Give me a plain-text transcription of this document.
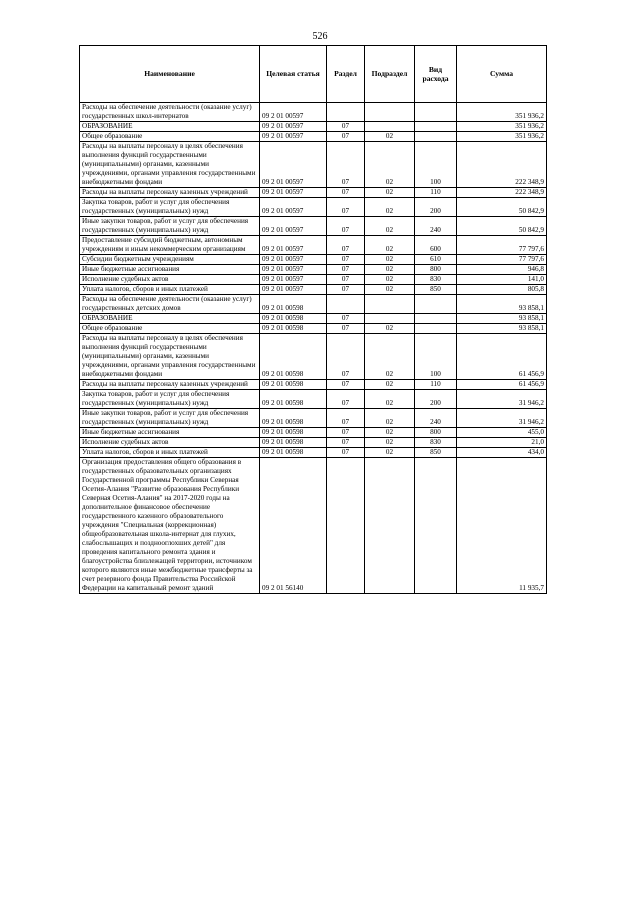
526
Наименование	Целевая статья	Раздел	Подраздел	Вид расхода	Сумма
Расходы на обеспечение деятельности (оказание услуг) государственных школ-интернатов	09 2 01 00597				351 936,2
ОБРАЗОВАНИЕ	09 2 01 00597	07			351 936,2
Общее образование	09 2 01 00597	07	02		351 936,2
Расходы на выплаты персоналу в целях обеспечения выполнения функций государственными (муниципальными) органами, казенными учреждениями, органами управления государственными внебюджетными фондами	09 2 01 00597	07	02	100	222 348,9
Расходы на выплаты персоналу казенных учреждений	09 2 01 00597	07	02	110	222 348,9
Закупка товаров, работ и услуг для обеспечения государственных (муниципальных) нужд	09 2 01 00597	07	02	200	50 842,9
Иные закупки товаров, работ и услуг для обеспечения государственных (муниципальных) нужд	09 2 01 00597	07	02	240	50 842,9
Предоставление субсидий бюджетным, автономным учреждениям и иным некоммерческим организациям	09 2 01 00597	07	02	600	77 797,6
Субсидии бюджетным учреждениям	09 2 01 00597	07	02	610	77 797,6
Иные бюджетные ассигнования	09 2 01 00597	07	02	800	946,8
Исполнение судебных актов	09 2 01 00597	07	02	830	141,0
Уплата налогов, сборов и иных платежей	09 2 01 00597	07	02	850	805,8
Расходы на обеспечение деятельности (оказание услуг) государственных детских домов	09 2 01 00598				93 858,1
ОБРАЗОВАНИЕ	09 2 01 00598	07			93 858,1
Общее образование	09 2 01 00598	07	02		93 858,1
Расходы на выплаты персоналу в целях обеспечения выполнения функций государственными (муниципальными) органами, казенными учреждениями, органами управления государственными внебюджетными фондами	09 2 01 00598	07	02	100	61 456,9
Расходы на выплаты персоналу казенных учреждений	09 2 01 00598	07	02	110	61 456,9
Закупка товаров, работ и услуг для обеспечения государственных (муниципальных) нужд	09 2 01 00598	07	02	200	31 946,2
Иные закупки товаров, работ и услуг для обеспечения государственных (муниципальных) нужд	09 2 01 00598	07	02	240	31 946,2
Иные бюджетные ассигнования	09 2 01 00598	07	02	800	455,0
Исполнение судебных актов	09 2 01 00598	07	02	830	21,0
Уплата налогов, сборов и иных платежей	09 2 01 00598	07	02	850	434,0
Организация предоставления общего образования в государственных образовательных организациях Государственной программы Республики Северная Осетия-Алания "Развитие образования Республики Северная Осетия-Алания" на 2017-2020 годы на дополнительное финансовое обеспечение государственного казенного образовательного учреждения "Специальная (коррекционная) общеобразовательная школа-интернат для глухих, слабослышащих и позднооглохших детей" для проведения капитального ремонта здания и благоустройства близлежащей территории, источником которого являются иные межбюджетные трансферты за счет резервного фонда Правительства Российской Федерации на капитальный ремонт зданий	09 2 01 56140				11 935,7
